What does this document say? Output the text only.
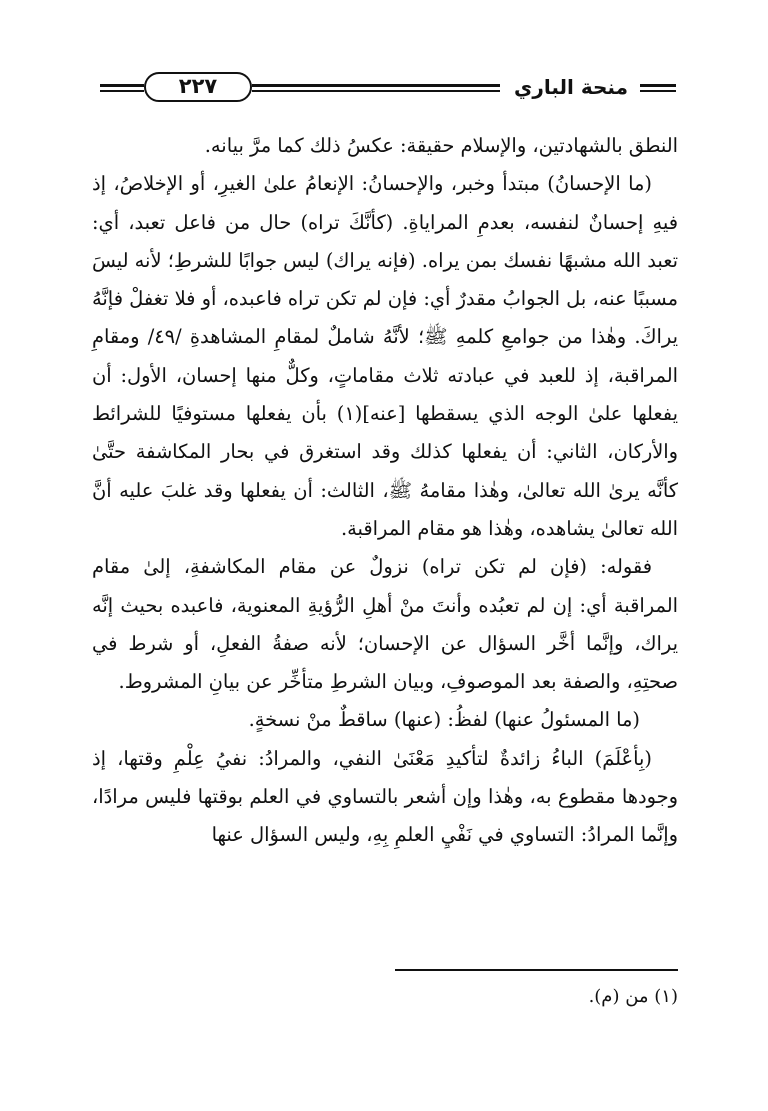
٢٢٧	منحة الباري

النطق بالشهادتين، والإسلام حقيقة: عكسُ ذلك كما مرَّ بيانه.

(ما الإحسانُ) مبتدأ وخبر، والإحسانُ: الإنعامُ علىٰ الغيرِ، أو الإخلاصُ، إذ فيهِ إحسانٌ لنفسه، بعدمِ المراياةِ. (كأنَّكَ تراه) حال من فاعل تعبد، أي: تعبد الله مشبهًا نفسك بمن يراه. (فإنه يراك) ليس جوابًا للشرطِ؛ لأنه ليسَ مسببًا عنه، بل الجوابُ مقدرٌ أي: فإن لم تكن تراه فاعبده، أو فلا تغفلْ فإنَّهُ يراكَ. وهٰذا من جوامعِ كلمهِ ﷺ؛ لأنَّهُ شاملٌ لمقامِ المشاهدةِ /٤٩/ ومقامِ المراقبة، إذ للعبد في عبادته ثلاث مقاماتٍ، وكلٌّ منها إحسان، الأول: أن يفعلها علىٰ الوجه الذي يسقطها [عنه](١) بأن يفعلها مستوفيًا للشرائط والأركان، الثاني: أن يفعلها كذلك وقد استغرق في بحار المكاشفة حتَّىٰ كأنَّه يرىٰ الله تعالىٰ، وهٰذا مقامهُ ﷺ، الثالث: أن يفعلها وقد غلبَ عليه أنَّ الله تعالىٰ يشاهده، وهٰذا هو مقام المراقبة.

فقوله: (فإن لم تكن تراه) نزولٌ عن مقام المكاشفةِ، إلىٰ مقام المراقبة أي: إن لم تعبُده وأنتَ منْ أهلِ الرُّؤيةِ المعنوية، فاعبده بحيث إنَّه يراك، وإنَّما أخَّر السؤال عن الإحسان؛ لأنه صفةُ الفعلِ، أو شرط في صحتِهِ، والصفة بعد الموصوفِ، وبيان الشرطِ متأخِّر عن بيانِ المشروط.

(ما المسئولُ عنها) لفظُ: (عنها) ساقطٌ منْ نسخةٍ.

(بِأعْلَمَ) الباءُ زائدةٌ لتأكيدِ مَعْنَىٰ النفي، والمرادُ: نفيُ عِلْمِ وقتها، إذ وجودها مقطوع به، وهٰذا وإن أشعر بالتساوي في العلم بوقتها فليس مرادًا، وإنَّما المرادُ: التساوي في نَفْيِ العلمِ بِهِ، وليس السؤال عنها

(١) من (م).
